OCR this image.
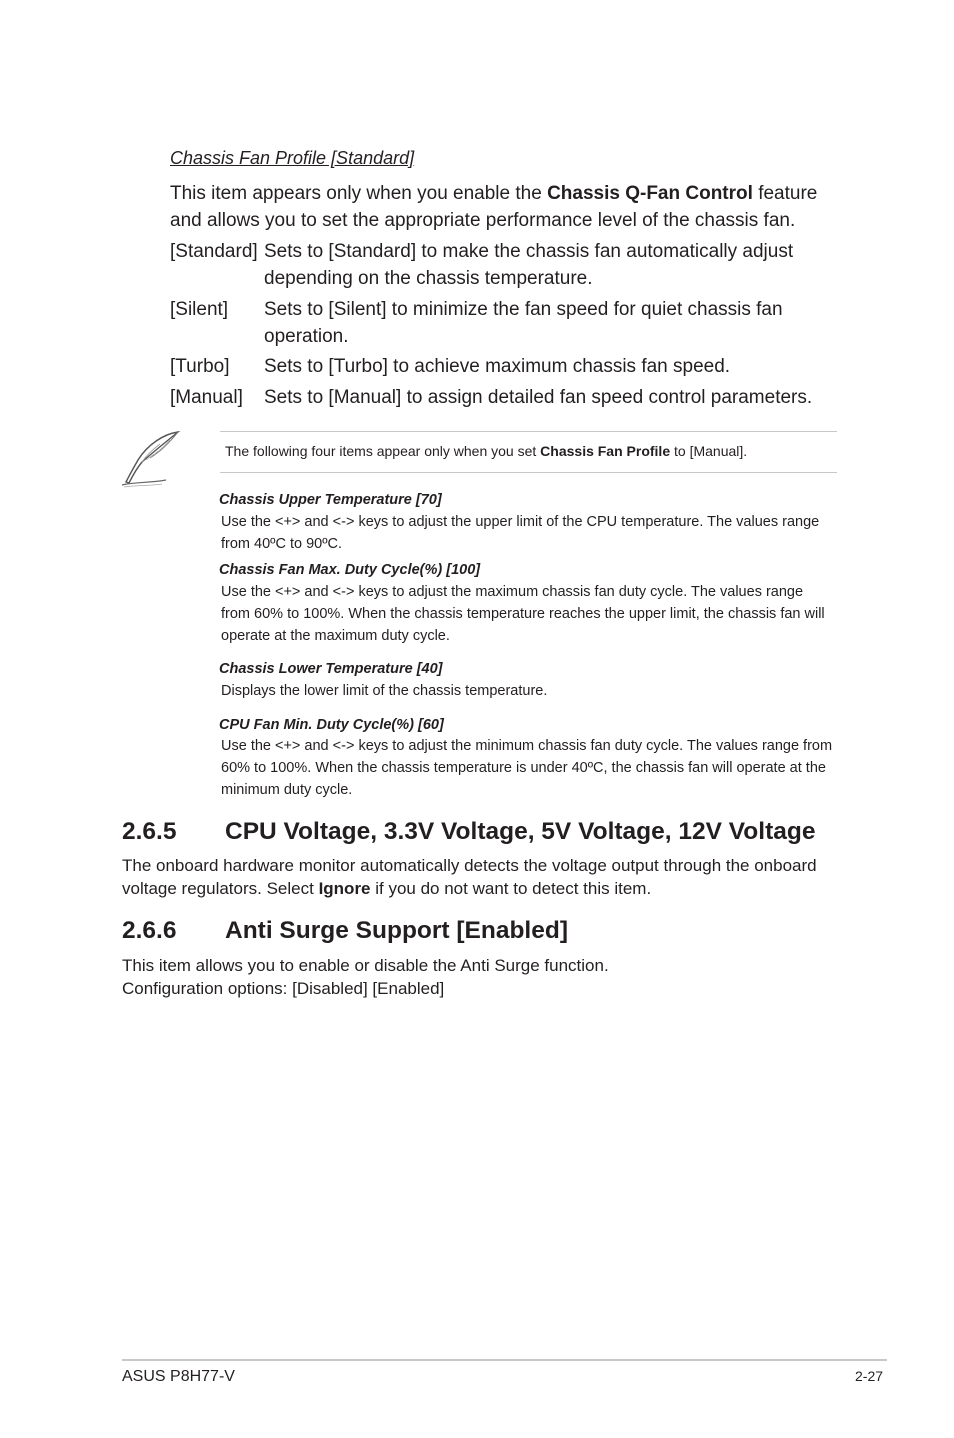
Chassis Fan Profile [Standard]
This item appears only when you enable the Chassis Q-Fan Control feature and allows you to set the appropriate performance level of the chassis fan.
[Standard] Sets to [Standard] to make the chassis fan automatically adjust depending on the chassis temperature.
[Silent] Sets to [Silent] to minimize the fan speed for quiet chassis fan operation.
[Turbo] Sets to [Turbo] to achieve maximum chassis fan speed.
[Manual] Sets to [Manual] to assign detailed fan speed control parameters.
The following four items appear only when you set Chassis Fan Profile to [Manual].
Chassis Upper Temperature [70]
Use the <+> and <-> keys to adjust the upper limit of the CPU temperature. The values range from 40ºC to 90ºC.
Chassis Fan Max. Duty Cycle(%) [100]
Use the <+> and <-> keys to adjust the maximum chassis fan duty cycle. The values range from 60% to 100%. When the chassis temperature reaches the upper limit, the chassis fan will operate at the maximum duty cycle.
Chassis Lower Temperature [40]
Displays the lower limit of the chassis temperature.
CPU Fan Min. Duty Cycle(%) [60]
Use the <+> and <-> keys to adjust the minimum chassis fan duty cycle. The values range from 60% to 100%. When the chassis temperature is under 40ºC, the chassis fan will operate at the minimum duty cycle.
2.6.5 CPU Voltage, 3.3V Voltage, 5V Voltage, 12V Voltage
The onboard hardware monitor automatically detects the voltage output through the onboard voltage regulators. Select Ignore if you do not want to detect this item.
2.6.6 Anti Surge Support [Enabled]
This item allows you to enable or disable the Anti Surge function.
Configuration options: [Disabled] [Enabled]
ASUS P8H77-V	2-27
